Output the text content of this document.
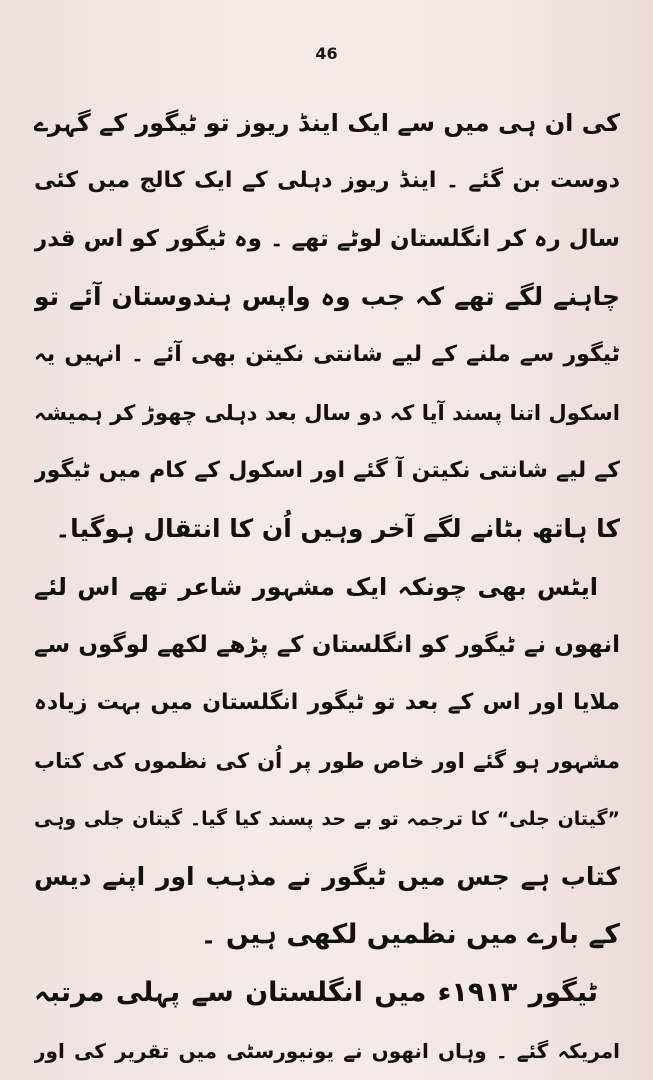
46
کی ان ہی میں سے ایک اینڈ ریوز تو ٹیگور کے گہرے
دوست بن گئے ۔ اینڈ ریوز دہلی کے ایک کالج میں کئی
سال رہ کر انگلستان لوٹے تھے ۔ وہ ٹیگور کو اس قدر
چاہنے لگے تھے کہ جب وہ واپس ہندوستان آئے تو
ٹیگور سے ملنے کے لیے شانتی نکیتن بھی آئے ۔ انہیں یہ
اسکول اتنا پسند آیا کہ دو سال بعد دہلی چھوڑ کر ہمیشہ
کے لیے شانتی نکیتن آ گئے اور اسکول کے کام میں ٹیگور
کا ہاتھ بٹانے لگے آخر وہیں اُن کا انتقال ہوگیا۔
ایٹس بھی چونکہ ایک مشہور شاعر تھے اس لئے
انھوں نے ٹیگور کو انگلستان کے پڑھے لکھے لوگوں سے
ملایا اور اس کے بعد تو ٹیگور انگلستان میں بہت زیادہ
مشہور ہو گئے اور خاص طور پر اُن کی نظموں کی کتاب
”گیتان جلی“ کا ترجمہ تو بے حد پسند کیا گیا۔ گیتان جلی وہی
کتاب ہے جس میں ٹیگور نے مذہب اور اپنے دیس
کے بارے میں نظمیں لکھی ہیں ۔
ٹیگور ۱۹۱۳ء میں انگلستان سے پہلی مرتبہ
امریکہ گئے ۔ وہاں انھوں نے یونیورسٹی میں تقریر کی اور
